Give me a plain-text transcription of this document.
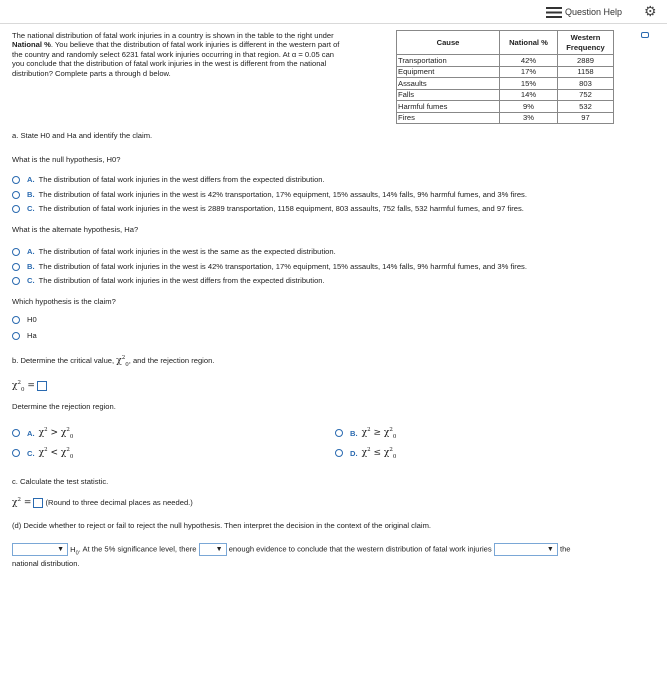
Question Help ⚙
The national distribution of fatal work injuries in a country is shown in the table to the right under
National %. You believe that the distribution of fatal work injuries is different in the western part of
the country and randomly select 6231 fatal work injuries occurring in that region. At α = 0.05 can
you conclude that the distribution of fatal work injuries in the west is different from the national
distribution? Complete parts a through d below.
Cause	National %	Western Frequency
Transportation	42%	2889
Equipment	17%	1158
Assaults	15%	803
Falls	14%	752
Harmful fumes	9%	532
Fires	3%	97
a. State H0 and Ha and identify the claim.
What is the null hypothesis, H0?
A. The distribution of fatal work injuries in the west differs from the expected distribution.
B. The distribution of fatal work injuries in the west is 42% transportation, 17% equipment, 15% assaults, 14% falls, 9% harmful fumes, and 3% fires.
C. The distribution of fatal work injuries in the west is 2889 transportation, 1158 equipment, 803 assaults, 752 falls, 532 harmful fumes, and 97 fires.
What is the alternate hypothesis, Ha?
A. The distribution of fatal work injuries in the west is the same as the expected distribution.
B. The distribution of fatal work injuries in the west is 42% transportation, 17% equipment, 15% assaults, 14% falls, 9% harmful fumes, and 3% fires.
C. The distribution of fatal work injuries in the west differs from the expected distribution.
Which hypothesis is the claim?
H0
Ha
b. Determine the critical value, $\chi^2_0$, and the rejection region.
$\chi^2_0$ =
Determine the rejection region.
A. $\chi^2 > \chi^2_0$	B. $\chi^2 \ge \chi^2_0$
C. $\chi^2 < \chi^2_0$	D. $\chi^2 \le \chi^2_0$
c. Calculate the test statistic.
$\chi^2$ = (Round to three decimal places as needed.)
(d) Decide whether to reject or fail to reject the null hypothesis. Then interpret the decision in the context of the original claim.
▼ $H_0$. At the 5% significance level, there	▼ enough evidence to conclude that the western distribution of fatal work injuries	▼ the
national distribution.
